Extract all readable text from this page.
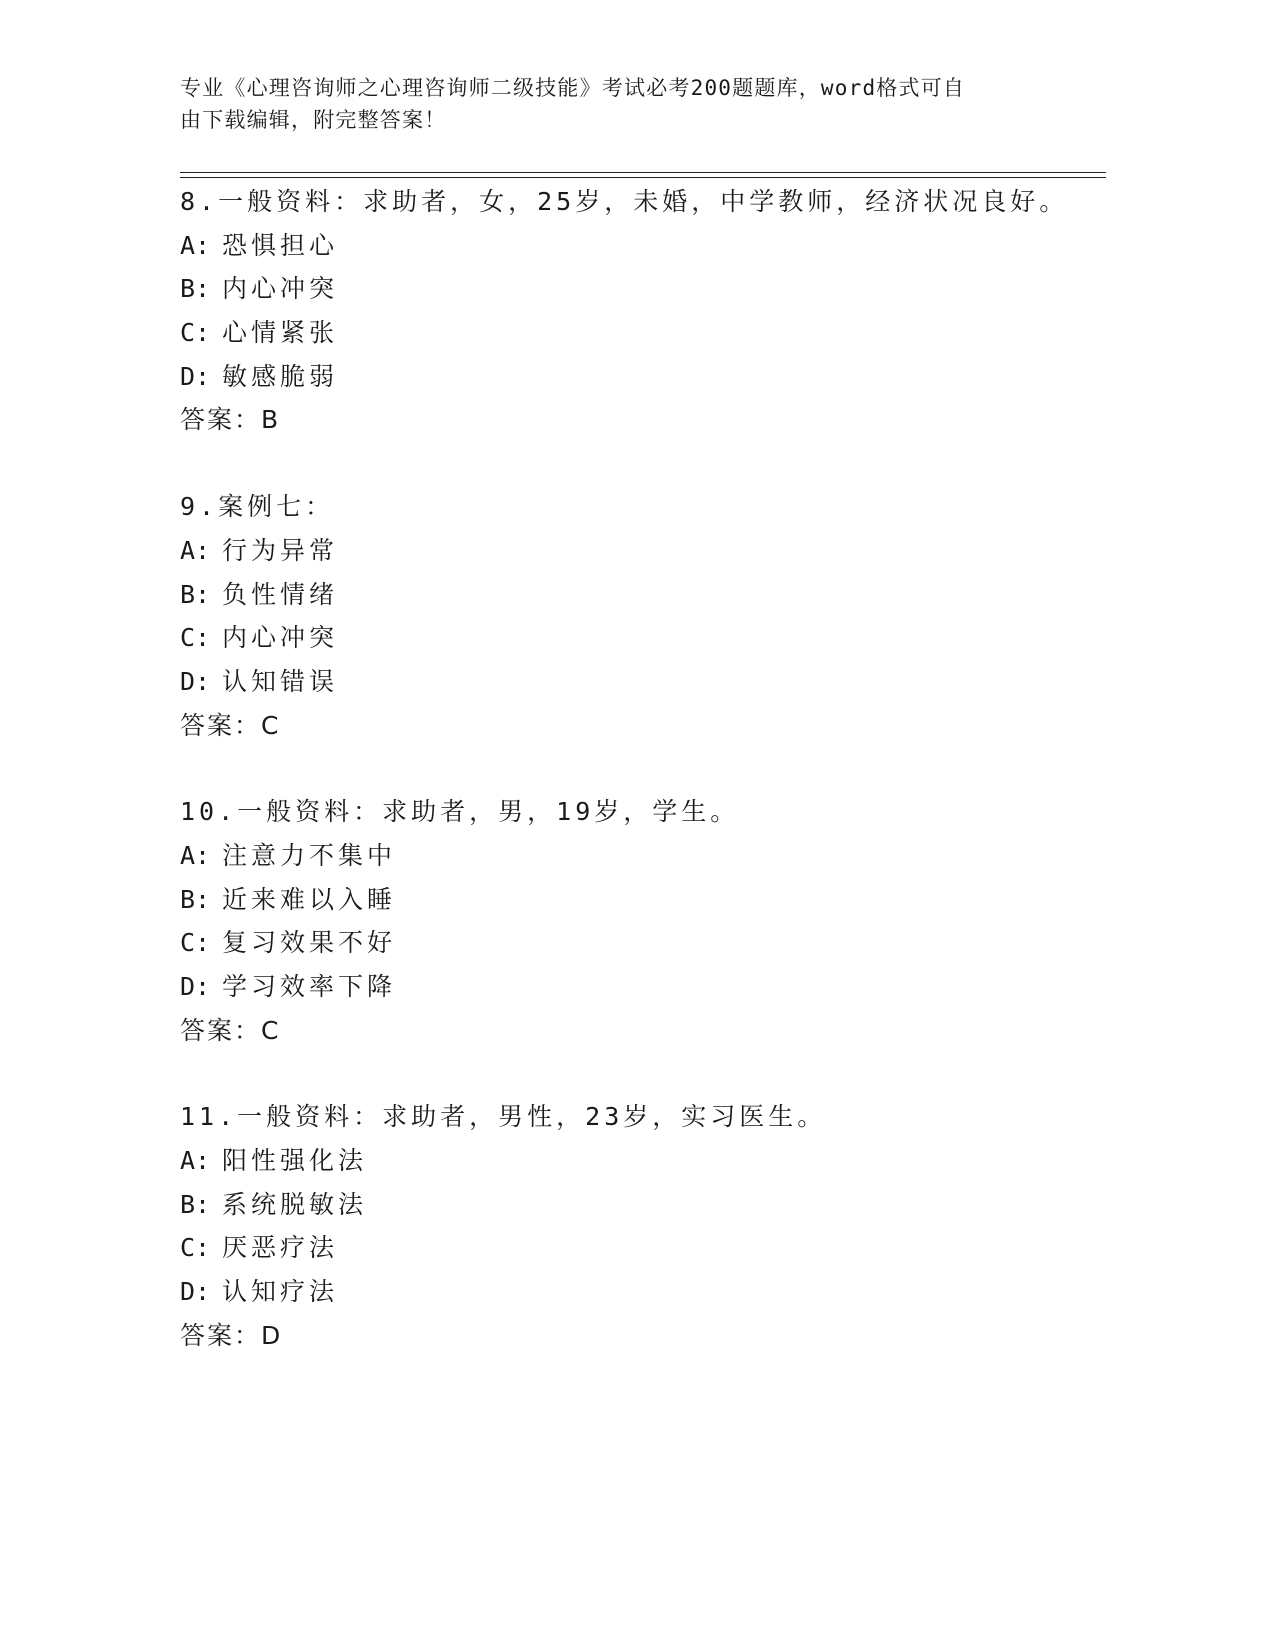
专业《心理咨询师之心理咨询师二级技能》考试必考200题题库，word格式可自
由下载编辑，附完整答案！
8.一般资料：求助者，女，25岁，未婚，中学教师，经济状况良好。
A: 恐惧担心
B: 内心冲突
C: 心情紧张
D: 敏感脆弱
答案：B
9.案例七：
A: 行为异常
B: 负性情绪
C: 内心冲突
D: 认知错误
答案：C
10.一般资料：求助者，男，19岁，学生。
A: 注意力不集中
B: 近来难以入睡
C: 复习效果不好
D: 学习效率下降
答案：C
11.一般资料：求助者，男性，23岁，实习医生。
A: 阳性强化法
B: 系统脱敏法
C: 厌恶疗法
D: 认知疗法
答案：D
